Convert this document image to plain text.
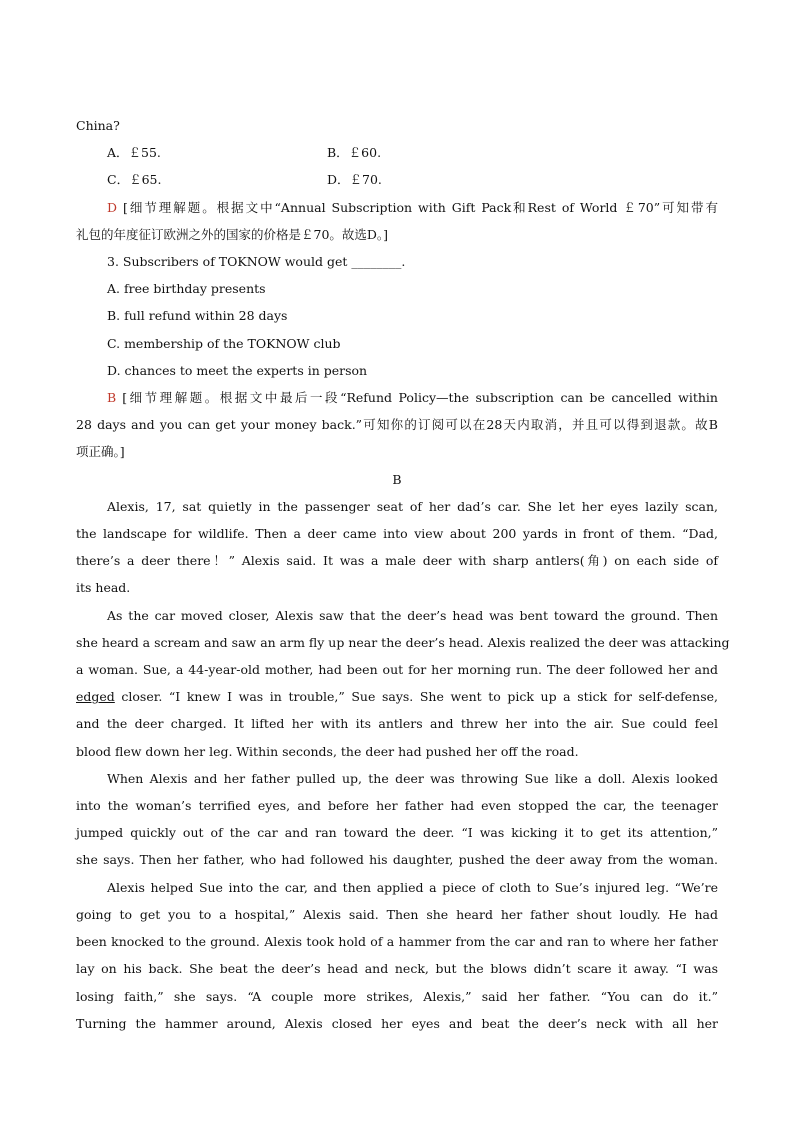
China?
A．￡55.	B．￡60.
C．￡65.	D．￡70.
D [细节理解题。根据文中“Annual Subscription with Gift Pack和Rest of World ￡70”可知带有
礼包的年度征订欧洲之外的国家的价格是￡70。故选D。]
3. Subscribers of TOKNOW would get ________.
A. free birthday presents
B. full refund within 28 days
C. membership of the TOKNOW club
D. chances to meet the experts in person
B [细节理解题。根据文中最后一段“Refund Policy—the subscription can be cancelled within
28 days and you can get your money back.”可知你的订阅可以在28天内取消，并且可以得到退款。故B
项正确。]
B
Alexis, 17, sat quietly in the passenger seat of her dad’s car. She let her eyes lazily scan,
the landscape for wildlife. Then a deer came into view about 200 yards in front of them. “Dad,
there’s a deer there！” Alexis said. It was a male deer with sharp antlers(角) on each side of
its head.
As the car moved closer, Alexis saw that the deer’s head was bent toward the ground. Then
she heard a scream and saw an arm fly up near the deer’s head. Alexis realized the deer was attacking
a woman. Sue, a 44-year-old mother, had been out for her morning run. The deer followed her and
edged closer. “I knew I was in trouble,” Sue says. She went to pick up a stick for self-defense,
and the deer charged. It lifted her with its antlers and threw her into the air. Sue could feel
blood flew down her leg. Within seconds, the deer had pushed her off the road.
When Alexis and her father pulled up, the deer was throwing Sue like a doll. Alexis looked
into the woman’s terrified eyes, and before her father had even stopped the car, the teenager
jumped quickly out of the car and ran toward the deer. “I was kicking it to get its attention,”
she says. Then her father, who had followed his daughter, pushed the deer away from the woman.
Alexis helped Sue into the car, and then applied a piece of cloth to Sue’s injured leg. “We’re
going to get you to a hospital,” Alexis said. Then she heard her father shout loudly. He had
been knocked to the ground. Alexis took hold of a hammer from the car and ran to where her father
lay on his back. She beat the deer’s head and neck, but the blows didn’t scare it away. “I was
losing faith,” she says. “A couple more strikes, Alexis,” said her father. “You can do it.”
Turning the hammer around, Alexis closed her eyes and beat the deer’s neck with all her
